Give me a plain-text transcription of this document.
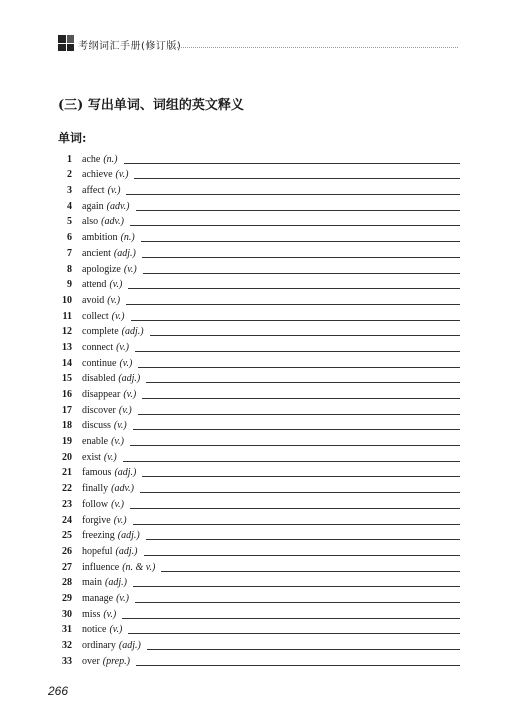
考纲词汇手册(修订版)
(三) 写出单词、词组的英文释义
单词:
1 ache (n.)
2 achieve (v.)
3 affect (v.)
4 again (adv.)
5 also (adv.)
6 ambition (n.)
7 ancient (adj.)
8 apologize (v.)
9 attend (v.)
10 avoid (v.)
11 collect (v.)
12 complete (adj.)
13 connect (v.)
14 continue (v.)
15 disabled (adj.)
16 disappear (v.)
17 discover (v.)
18 discuss (v.)
19 enable (v.)
20 exist (v.)
21 famous (adj.)
22 finally (adv.)
23 follow (v.)
24 forgive (v.)
25 freezing (adj.)
26 hopeful (adj.)
27 influence (n. & v.)
28 main (adj.)
29 manage (v.)
30 miss (v.)
31 notice (v.)
32 ordinary (adj.)
33 over (prep.)
266
